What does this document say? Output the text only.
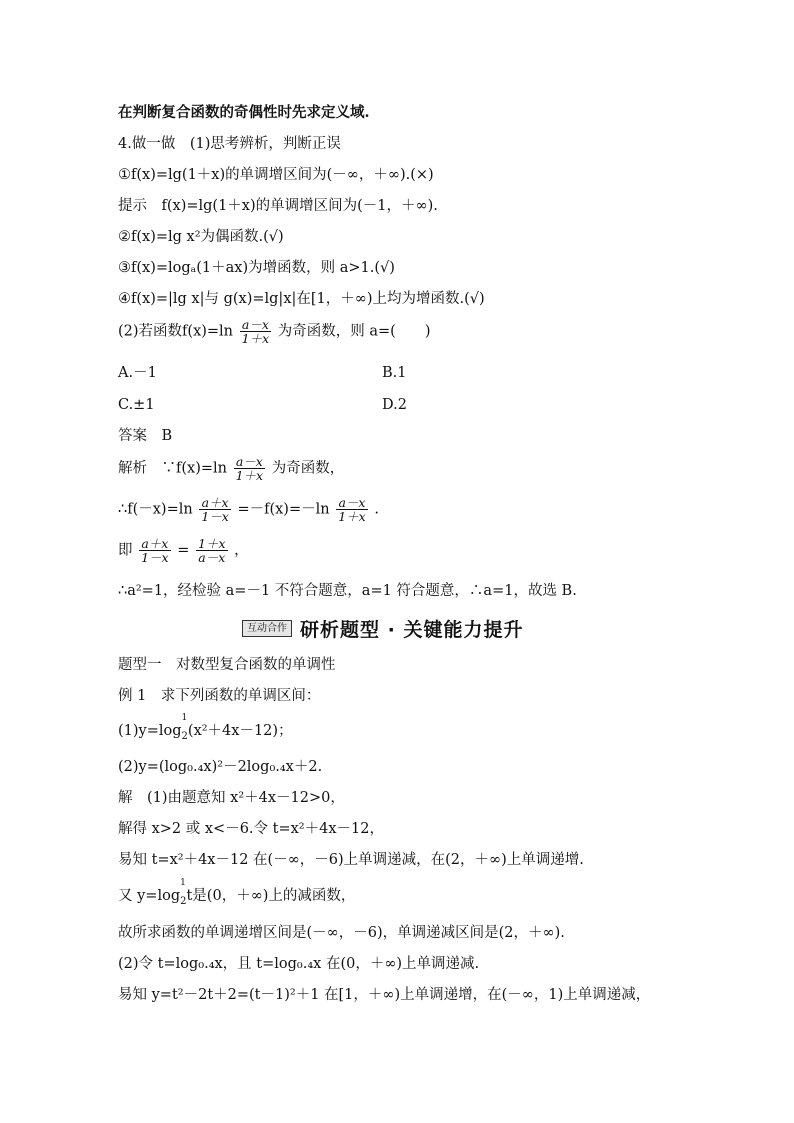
在判断复合函数的奇偶性时先求定义域.
4.做一做　(1)思考辨析，判断正误
①f(x)=lg(1＋x)的单调增区间为(－∞，＋∞).(×)
提示　f(x)=lg(1＋x)的单调增区间为(－1，＋∞).
②f(x)=lg x²为偶函数.(√)
③f(x)=logₐ(1＋ax)为增函数，则 a>1.(√)
④f(x)=|lg x|与 g(x)=lg|x|在[1，＋∞)上均为增函数.(√)
(2)若函数$f(x)=\ln \frac{a-x}{1+x}$ 为奇函数，则 a=(　　)
A.－1	B.1
C.±1	D.2
答案　B
解析　∵f(x)=ln $\frac{a-x}{1+x}$ 为奇函数，
∴f(－x)=ln $\frac{a+x}{1-x} =-f(x)=-\ln \frac{a-x}{1+x}$ .
即 $\frac{a+x}{1-x} = \frac{1+x}{a-x}$ ，
∴a²=1，经检验 a=－1 不符合题意，a=1 符合题意，∴a=1，故选 B.
互动合作 研析题型 · 关键能力提升
题型一　对数型复合函数的单调性
例 1　求下列函数的单调区间：
(1)y=log
1
$_2$(x²＋4x－12)；
(2)y=(log₀.₄x)²－2log₀.₄x＋2.
解　(1)由题意知 x²＋4x－12>0，
解得 x>2 或 x<－6.令 t=x²＋4x－12，
易知 t=x²＋4x－12 在(－∞，－6)上单调递减，在(2，＋∞)上单调递增.
又 y=log
1
$_2$t是(0，＋∞)上的减函数，
故所求函数的单调递增区间是(－∞，－6)，单调递减区间是(2，＋∞).
(2)令 t=log₀.₄x，且 t=log₀.₄x 在(0，＋∞)上单调递减.
易知 y=t²－2t＋2=(t－1)²＋1 在[1，＋∞)上单调递增，在(－∞，1)上单调递减，
